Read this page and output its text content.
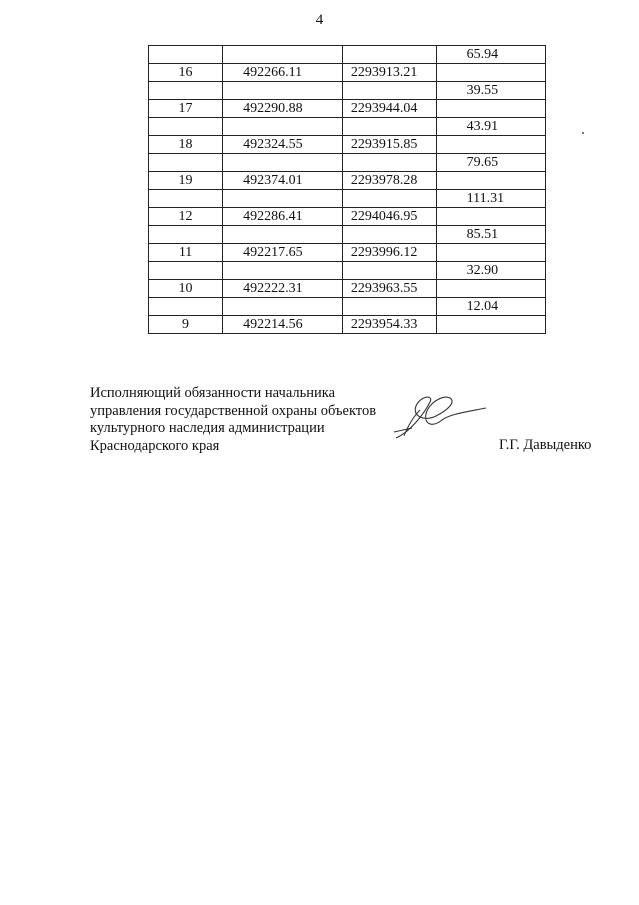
4
			65.94
16	492266.11	2293913.21	
			39.55
17	492290.88	2293944.04	
			43.91
18	492324.55	2293915.85	
			79.65
19	492374.01	2293978.28	
			111.31
12	492286.41	2294046.95	
			85.51
11	492217.65	2293996.12	
			32.90
10	492222.31	2293963.55	
			12.04
9	492214.56	2293954.33	
Исполняющий обязанности начальника
управления государственной охраны объектов
культурного наследия администрации
Краснодарского края	Г.Г. Давыденко
